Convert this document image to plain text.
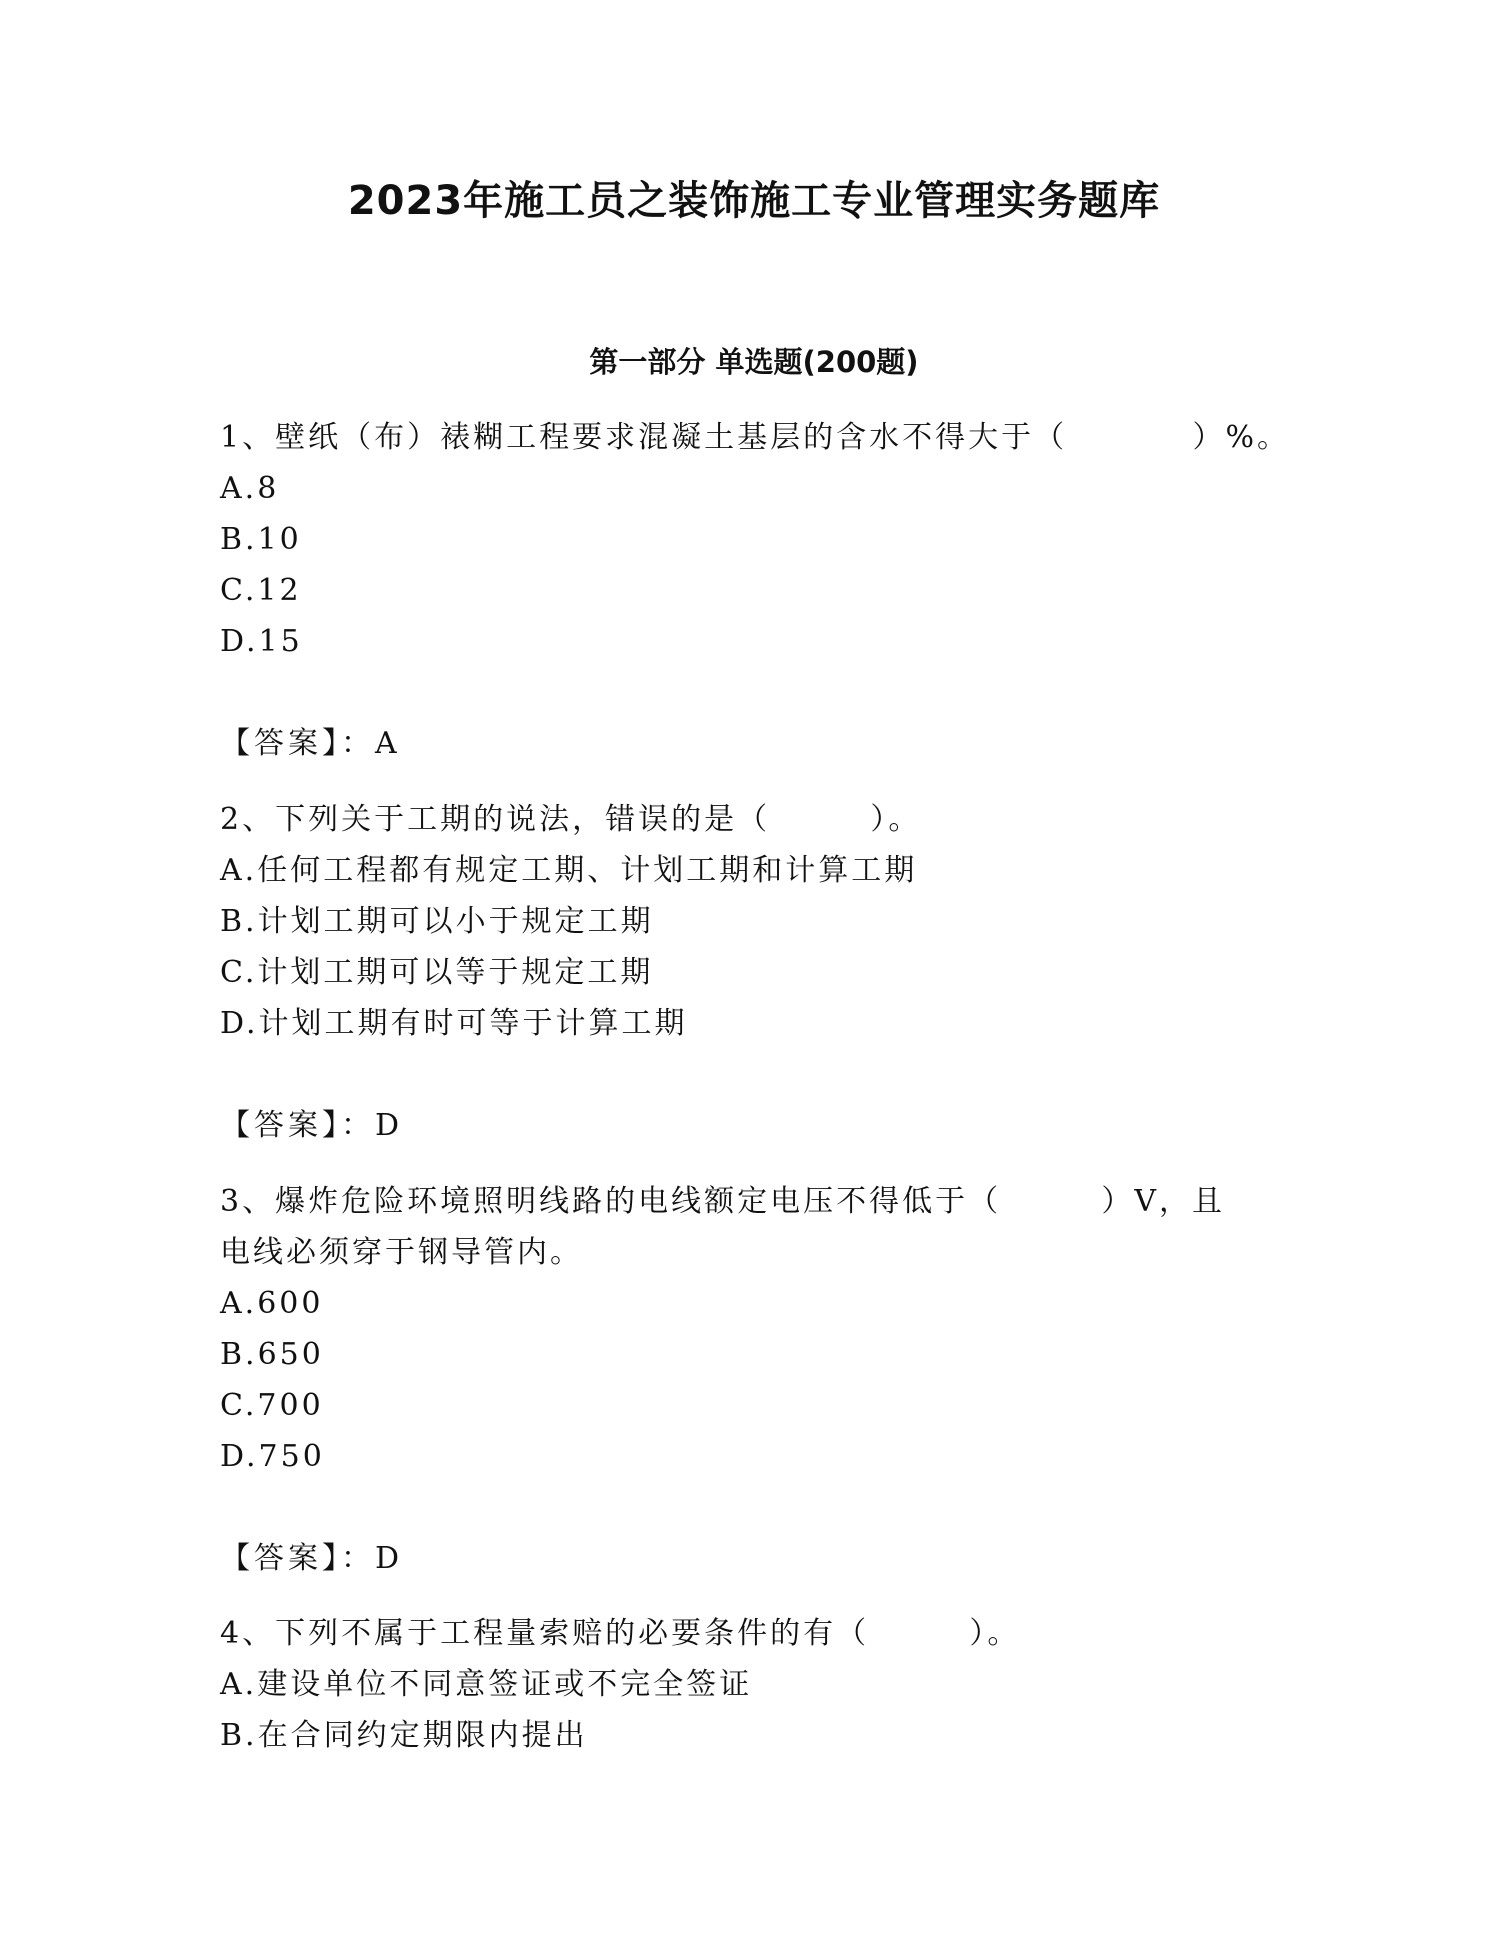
2023年施工员之装饰施工专业管理实务题库
第一部分 单选题(200题)
1、壁纸（布）裱糊工程要求混凝土基层的含水不得大于（          ）%。
A.8
B.10
C.12
D.15
【答案】：A
2、下列关于工期的说法，错误的是（        ）。
A.任何工程都有规定工期、计划工期和计算工期
B.计划工期可以小于规定工期
C.计划工期可以等于规定工期
D.计划工期有时可等于计算工期
【答案】：D
3、爆炸危险环境照明线路的电线额定电压不得低于（        ）V，且
电线必须穿于钢导管内。
A.600
B.650
C.700
D.750
【答案】：D
4、下列不属于工程量索赔的必要条件的有（        ）。
A.建设单位不同意签证或不完全签证
B.在合同约定期限内提出
